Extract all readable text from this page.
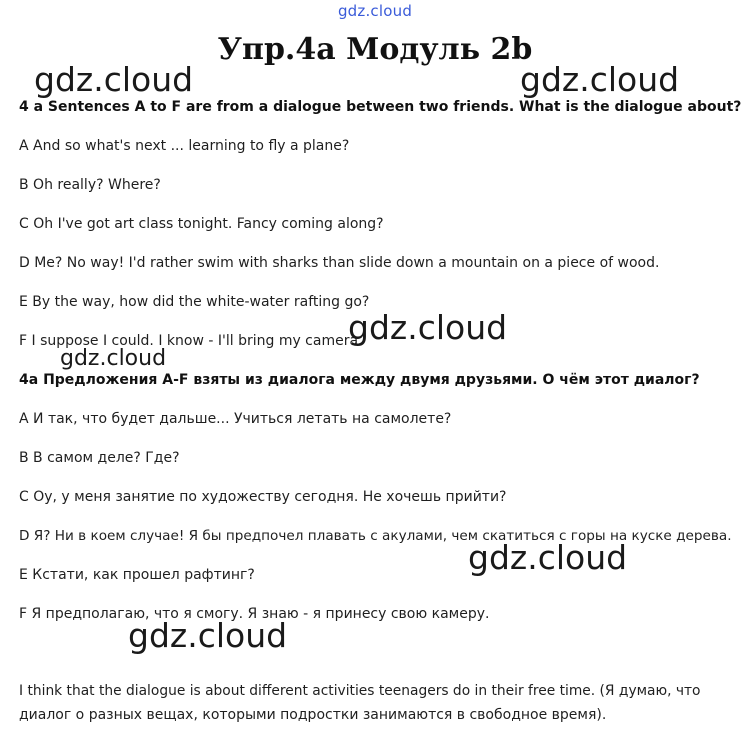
gdz.cloud
Упр.4a Модуль 2b
4 a Sentences A to F are from a dialogue between two friends. What is the dialogue about?
A And so what's next ... learning to fly a plane?
B Oh really? Where?
C Oh I've got art class tonight. Fancy coming along?
D Me? No way! I'd rather swim with sharks than slide down a mountain on a piece of wood.
E By the way, how did the white-water rafting go?
F I suppose I could. I know - I'll bring my camera.
4a Предложения A-F взяты из диалога между двумя друзьями. О чём этот диалог?
A И так, что будет дальше... Учиться летать на самолете?
B В самом деле? Где?
C Оу, у меня занятие по художеству сегодня. Не хочешь прийти?
D Я? Ни в коем случае! Я бы предпочел плавать с акулами, чем скатиться с горы на куске дерева.
E Кстати, как прошел рафтинг?
F Я предполагаю, что я смогу. Я знаю - я принесу свою камеру.
I think that the dialogue is about different activities teenagers do in their free time. (Я думаю, что
диалог о разных вещах, которыми подростки занимаются в свободное время).
gdz.cloud	gdz.cloud
gdz.cloud
gdz.cloud
gdz.cloud
gdz.cloud
